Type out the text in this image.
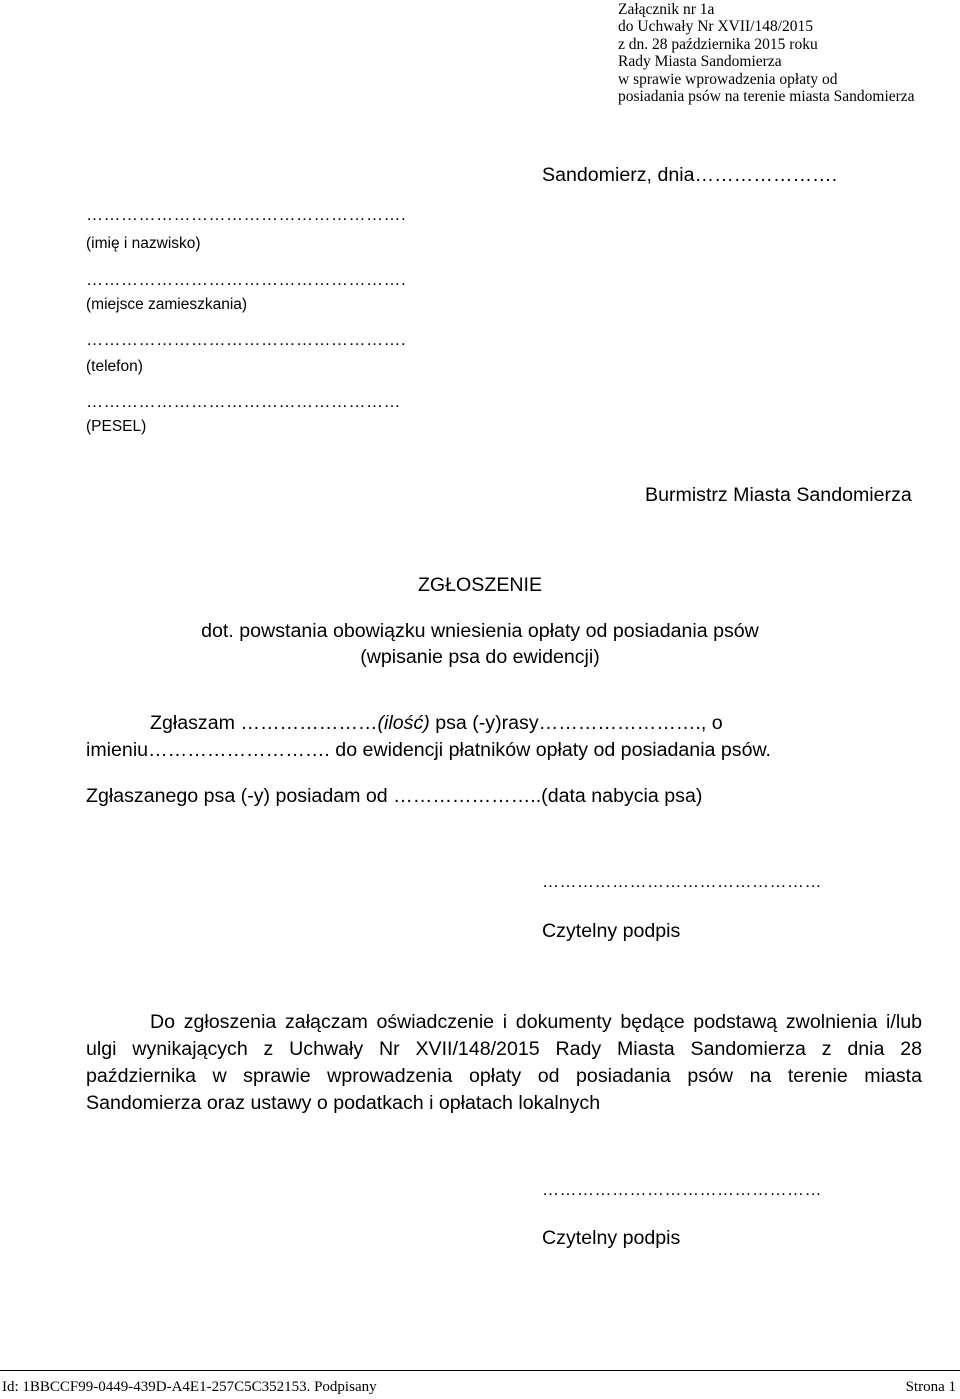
Załącznik nr 1a
do Uchwały Nr XVII/148/2015
z dn. 28 października 2015 roku
Rady Miasta Sandomierza
w sprawie wprowadzenia opłaty od
posiadania psów na terenie miasta Sandomierza
Sandomierz, dnia………………….
……………………………………………….
(imię i nazwisko)
……………………………………………….
(miejsce zamieszkania)
……………………………………………….
(telefon)
………………………………………………
(PESEL)
Burmistrz Miasta Sandomierza
ZGŁOSZENIE
dot. powstania obowiązku wniesienia opłaty od posiadania psów
(wpisanie psa do ewidencji)
Zgłaszam …………………(ilość) psa (-y)rasy……………………., o
imieniu………………………. do ewidencji płatników opłaty od posiadania psów.
Zgłaszanego psa (-y) posiadam od …………………..(data nabycia psa)
…………………………………………
Czytelny podpis
Do zgłoszenia załączam oświadczenie i dokumenty będące podstawą zwolnienia i/lub ulgi wynikających z Uchwały Nr XVII/148/2015 Rady Miasta Sandomierza z dnia 28 października w sprawie wprowadzenia opłaty od posiadania psów na terenie miasta Sandomierza oraz ustawy o podatkach i opłatach lokalnych
…………………………………………
Czytelny podpis
Id: 1BBCCF99-0449-439D-A4E1-257C5C352153. Podpisany	Strona 1
